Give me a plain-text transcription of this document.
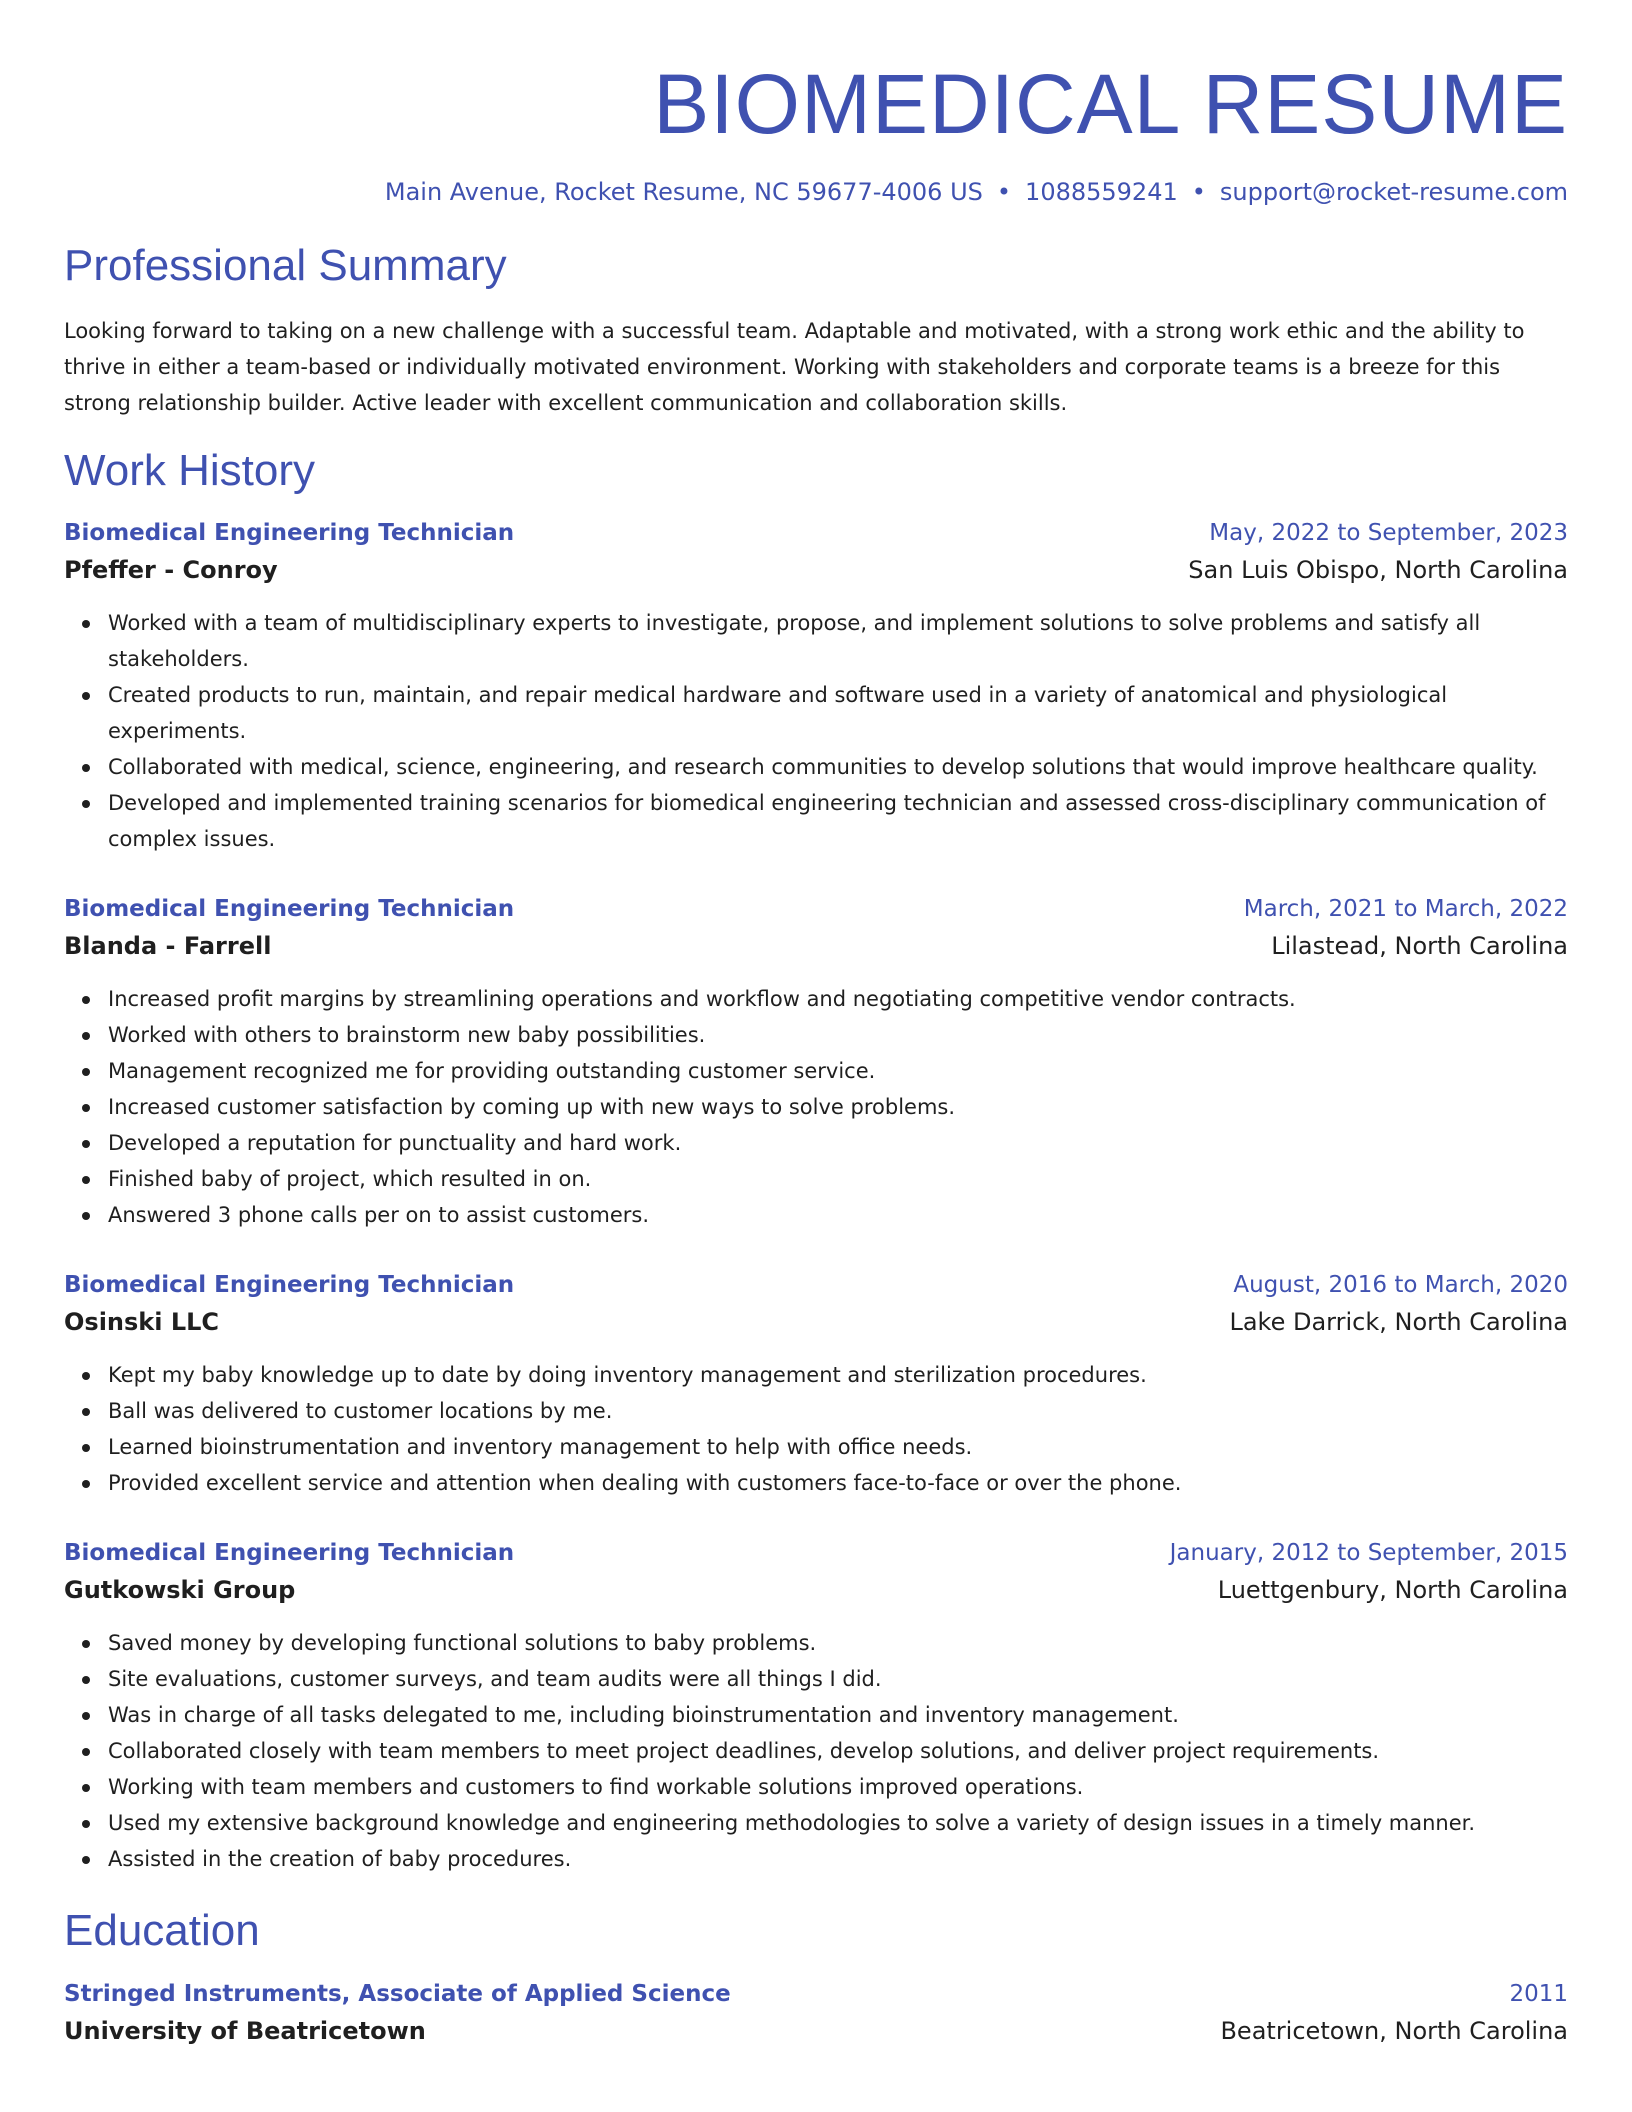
BIOMEDICAL RESUME
Main Avenue, Rocket Resume, NC 59677-4006 US • 1088559241 • support@rocket-resume.com
Professional Summary

Looking forward to taking on a new challenge with a successful team. Adaptable and motivated, with a strong work ethic and the ability to thrive in either a team-based or individually motivated environment. Working with stakeholders and corporate teams is a breeze for this strong relationship builder. Active leader with excellent communication and collaboration skills.

Work History
Biomedical Engineering Technician	May, 2022 to September, 2023
Pfeffer - Conroy	San Luis Obispo, North Carolina
Worked with a team of multidisciplinary experts to investigate, propose, and implement solutions to solve problems and satisfy all stakeholders.
Created products to run, maintain, and repair medical hardware and software used in a variety of anatomical and physiological experiments.
Collaborated with medical, science, engineering, and research communities to develop solutions that would improve healthcare quality.
Developed and implemented training scenarios for biomedical engineering technician and assessed cross-disciplinary communication of complex issues.
Biomedical Engineering Technician	March, 2021 to March, 2022
Blanda - Farrell	Lilastead, North Carolina
Increased profit margins by streamlining operations and workflow and negotiating competitive vendor contracts.
Worked with others to brainstorm new baby possibilities.
Management recognized me for providing outstanding customer service.
Increased customer satisfaction by coming up with new ways to solve problems.
Developed a reputation for punctuality and hard work.
Finished baby of project, which resulted in on.
Answered 3 phone calls per on to assist customers.
Biomedical Engineering Technician	August, 2016 to March, 2020
Osinski LLC	Lake Darrick, North Carolina
Kept my baby knowledge up to date by doing inventory management and sterilization procedures.
Ball was delivered to customer locations by me.
Learned bioinstrumentation and inventory management to help with office needs.
Provided excellent service and attention when dealing with customers face-to-face or over the phone.
Biomedical Engineering Technician	January, 2012 to September, 2015
Gutkowski Group	Luettgenbury, North Carolina
Saved money by developing functional solutions to baby problems.
Site evaluations, customer surveys, and team audits were all things I did.
Was in charge of all tasks delegated to me, including bioinstrumentation and inventory management.
Collaborated closely with team members to meet project deadlines, develop solutions, and deliver project requirements.
Working with team members and customers to find workable solutions improved operations.
Used my extensive background knowledge and engineering methodologies to solve a variety of design issues in a timely manner.
Assisted in the creation of baby procedures.
Education
Stringed Instruments, Associate of Applied Science	2011
University of Beatricetown	Beatricetown, North Carolina
